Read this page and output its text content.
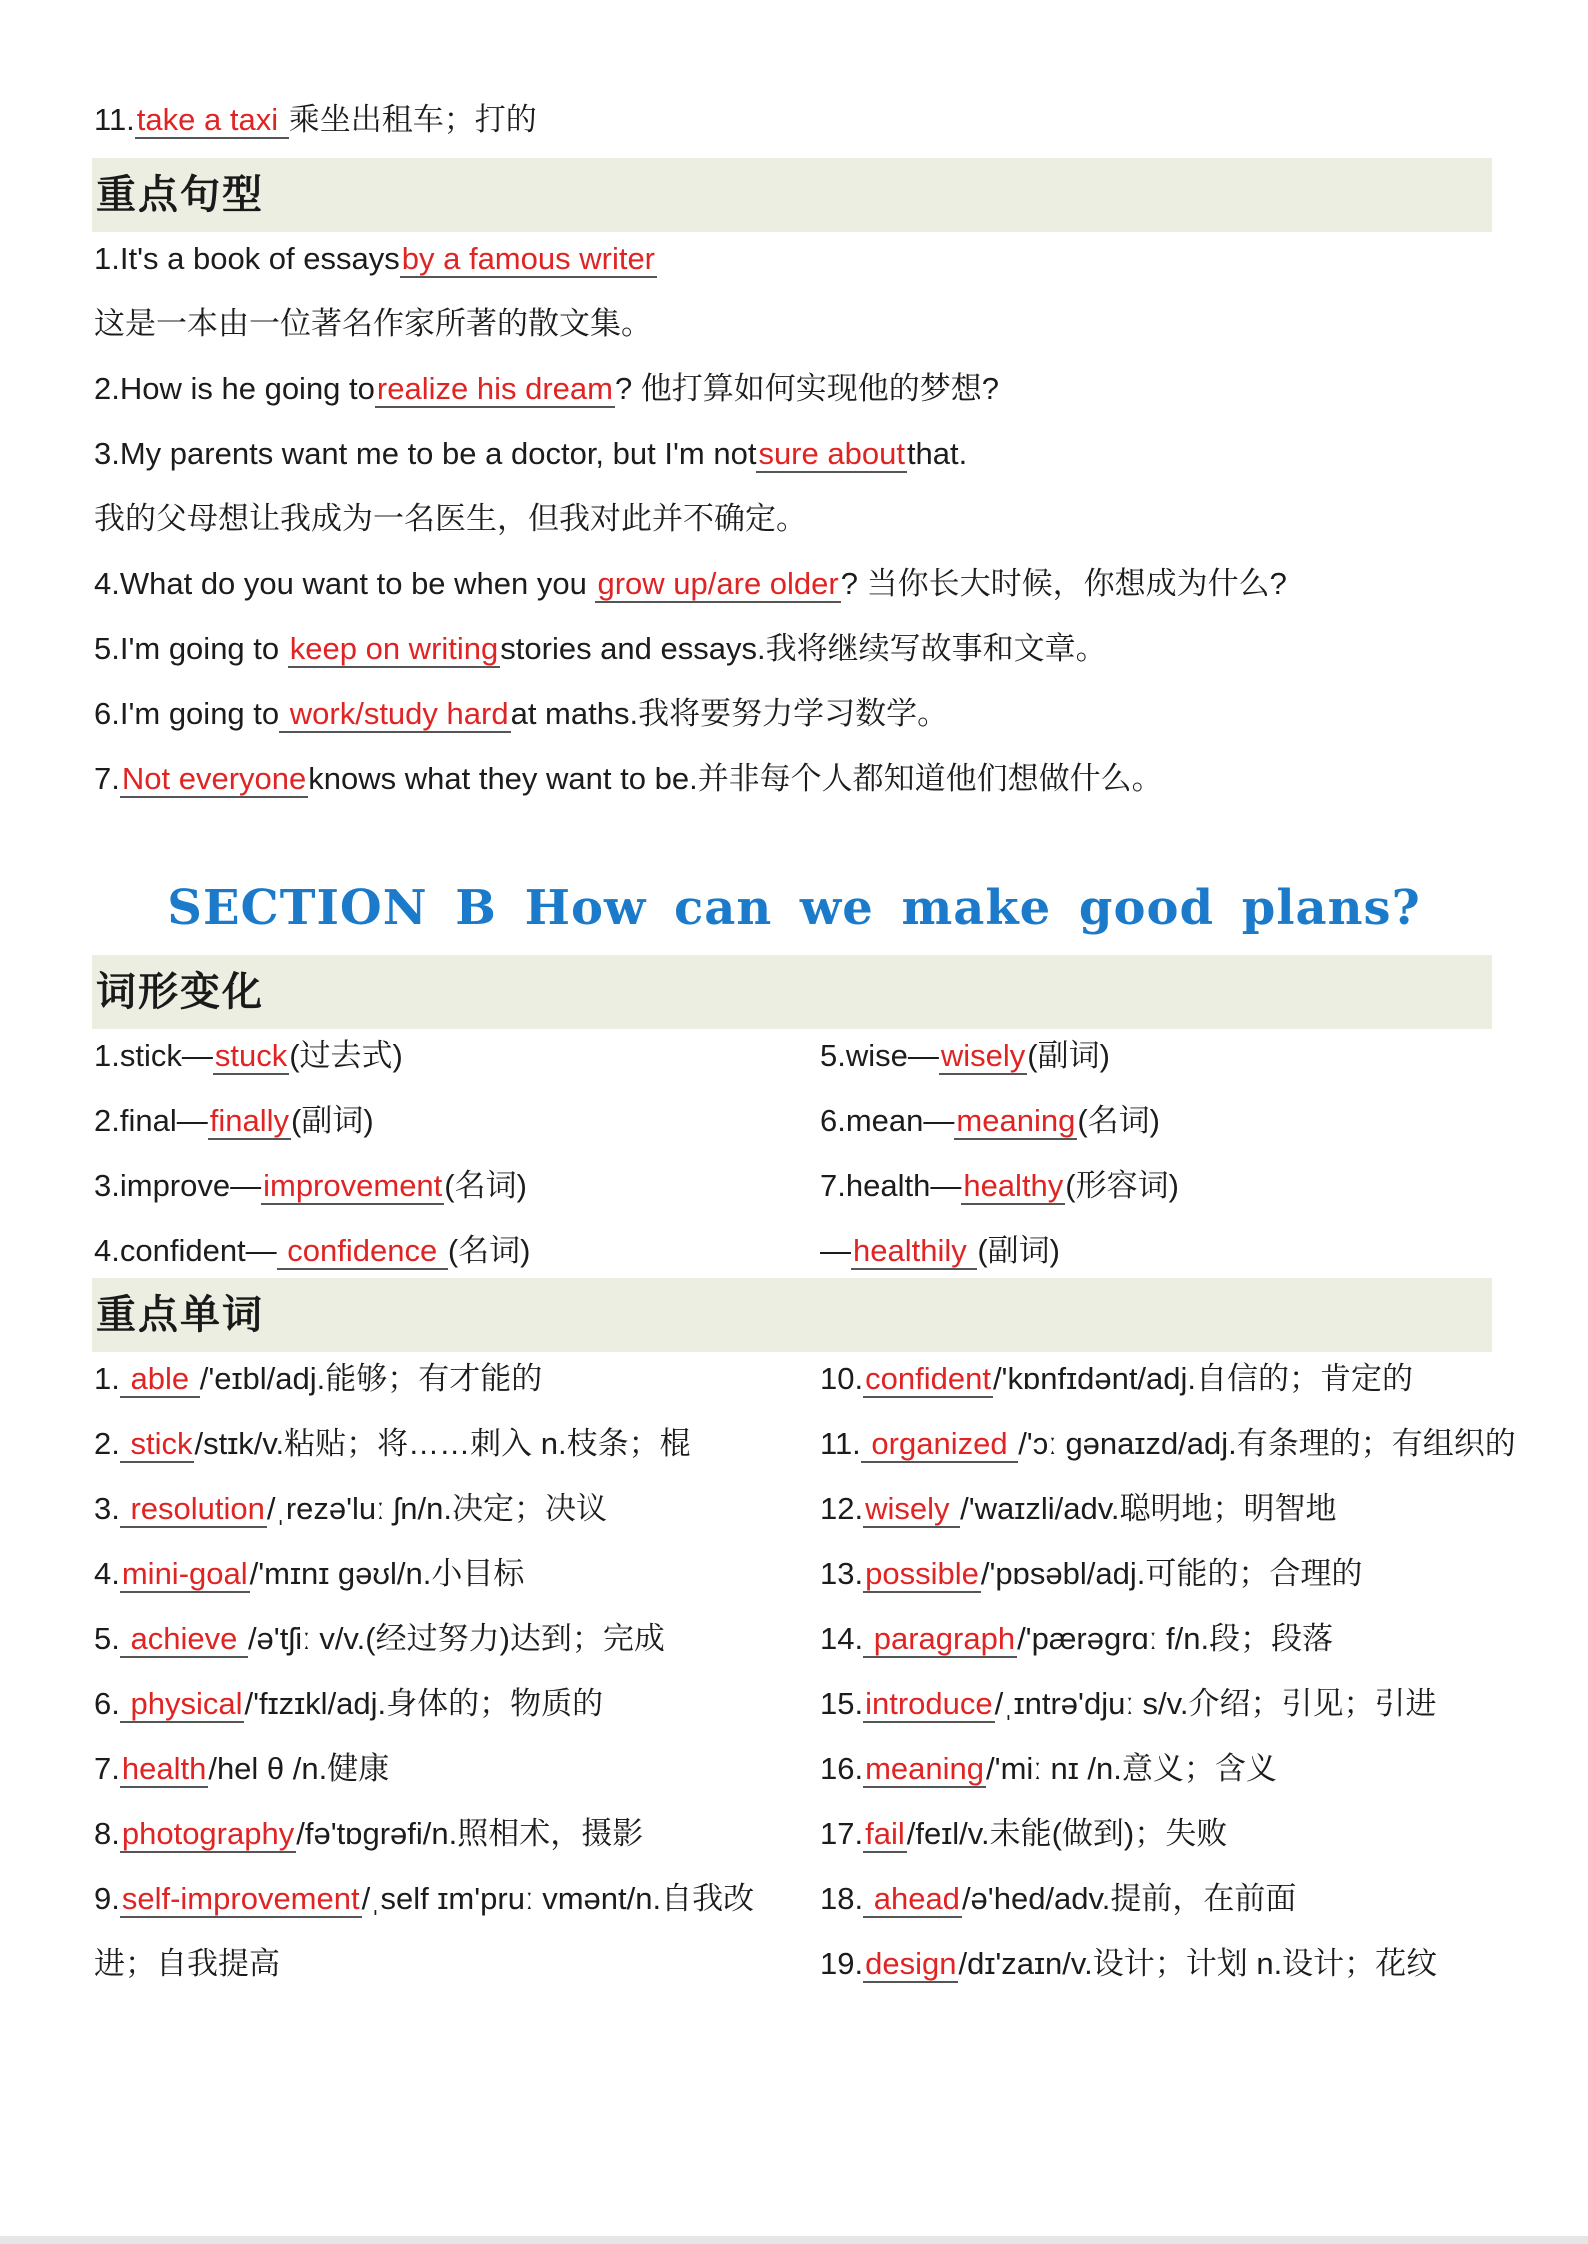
11.take a taxi 乘坐出租车；打的
重点句型
1.It's a book of essaysby a famous writer
这是一本由一位著名作家所著的散文集。
2.How is he going torealize his dream? 他打算如何实现他的梦想?
3.My parents want me to be a doctor, but I'm notsure aboutthat.
我的父母想让我成为一名医生，但我对此并不确定。
4.What do you want to be when you grow up/are older? 当你长大时候，你想成为什么?
5.I'm going to keep on writingstories and essays.我将继续写故事和文章。
6.I'm going to work/study hardat maths.我将要努力学习数学。
7.Not everyoneknows what they want to be.并非每个人都知道他们想做什么。
SECTION B How can we make good plans?
词形变化
1.stick—stuck(过去式)
2.final—finally(副词)
3.improve—improvement(名词)
4.confident— confidence (名词)
5.wise—wisely(副词)
6.mean—meaning(名词)
7.health—healthy(形容词)
—healthily (副词)
重点单词
1. able /'eɪbl/adj.能够；有才能的
2. stick/stɪk/v.粘贴；将……刺入 n.枝条；棍
3. resolution/ˌrezə'luː ʃn/n.决定；决议
4.mini-goal/'mɪnɪ gəʊl/n.小目标
5. achieve /ə'tʃiː v/v.(经过努力)达到；完成
6. physical/'fɪzɪkl/adj.身体的；物质的
7.health/hel θ /n.健康
8.photography/fə'tɒgrəfi/n.照相术，摄影
9.self-improvement/ˌself ɪm'pruː vmənt/n.自我改
进；自我提高
10.confident/'kɒnfɪdənt/adj.自信的；肯定的
11. organized /'ɔː gənaɪzd/adj.有条理的；有组织的
12.wisely /'waɪzli/adv.聪明地；明智地
13.possible/'pɒsəbl/adj.可能的；合理的
14. paragraph/'pærəgrɑː f/n.段；段落
15.introduce/ˌɪntrə'djuː s/v.介绍；引见；引进
16.meaning/'miː nɪ /n.意义；含义
17.fail/feɪl/v.未能(做到)；失败
18. ahead/ə'hed/adv.提前，在前面
19.design/dɪ'zaɪn/v.设计；计划 n.设计；花纹
